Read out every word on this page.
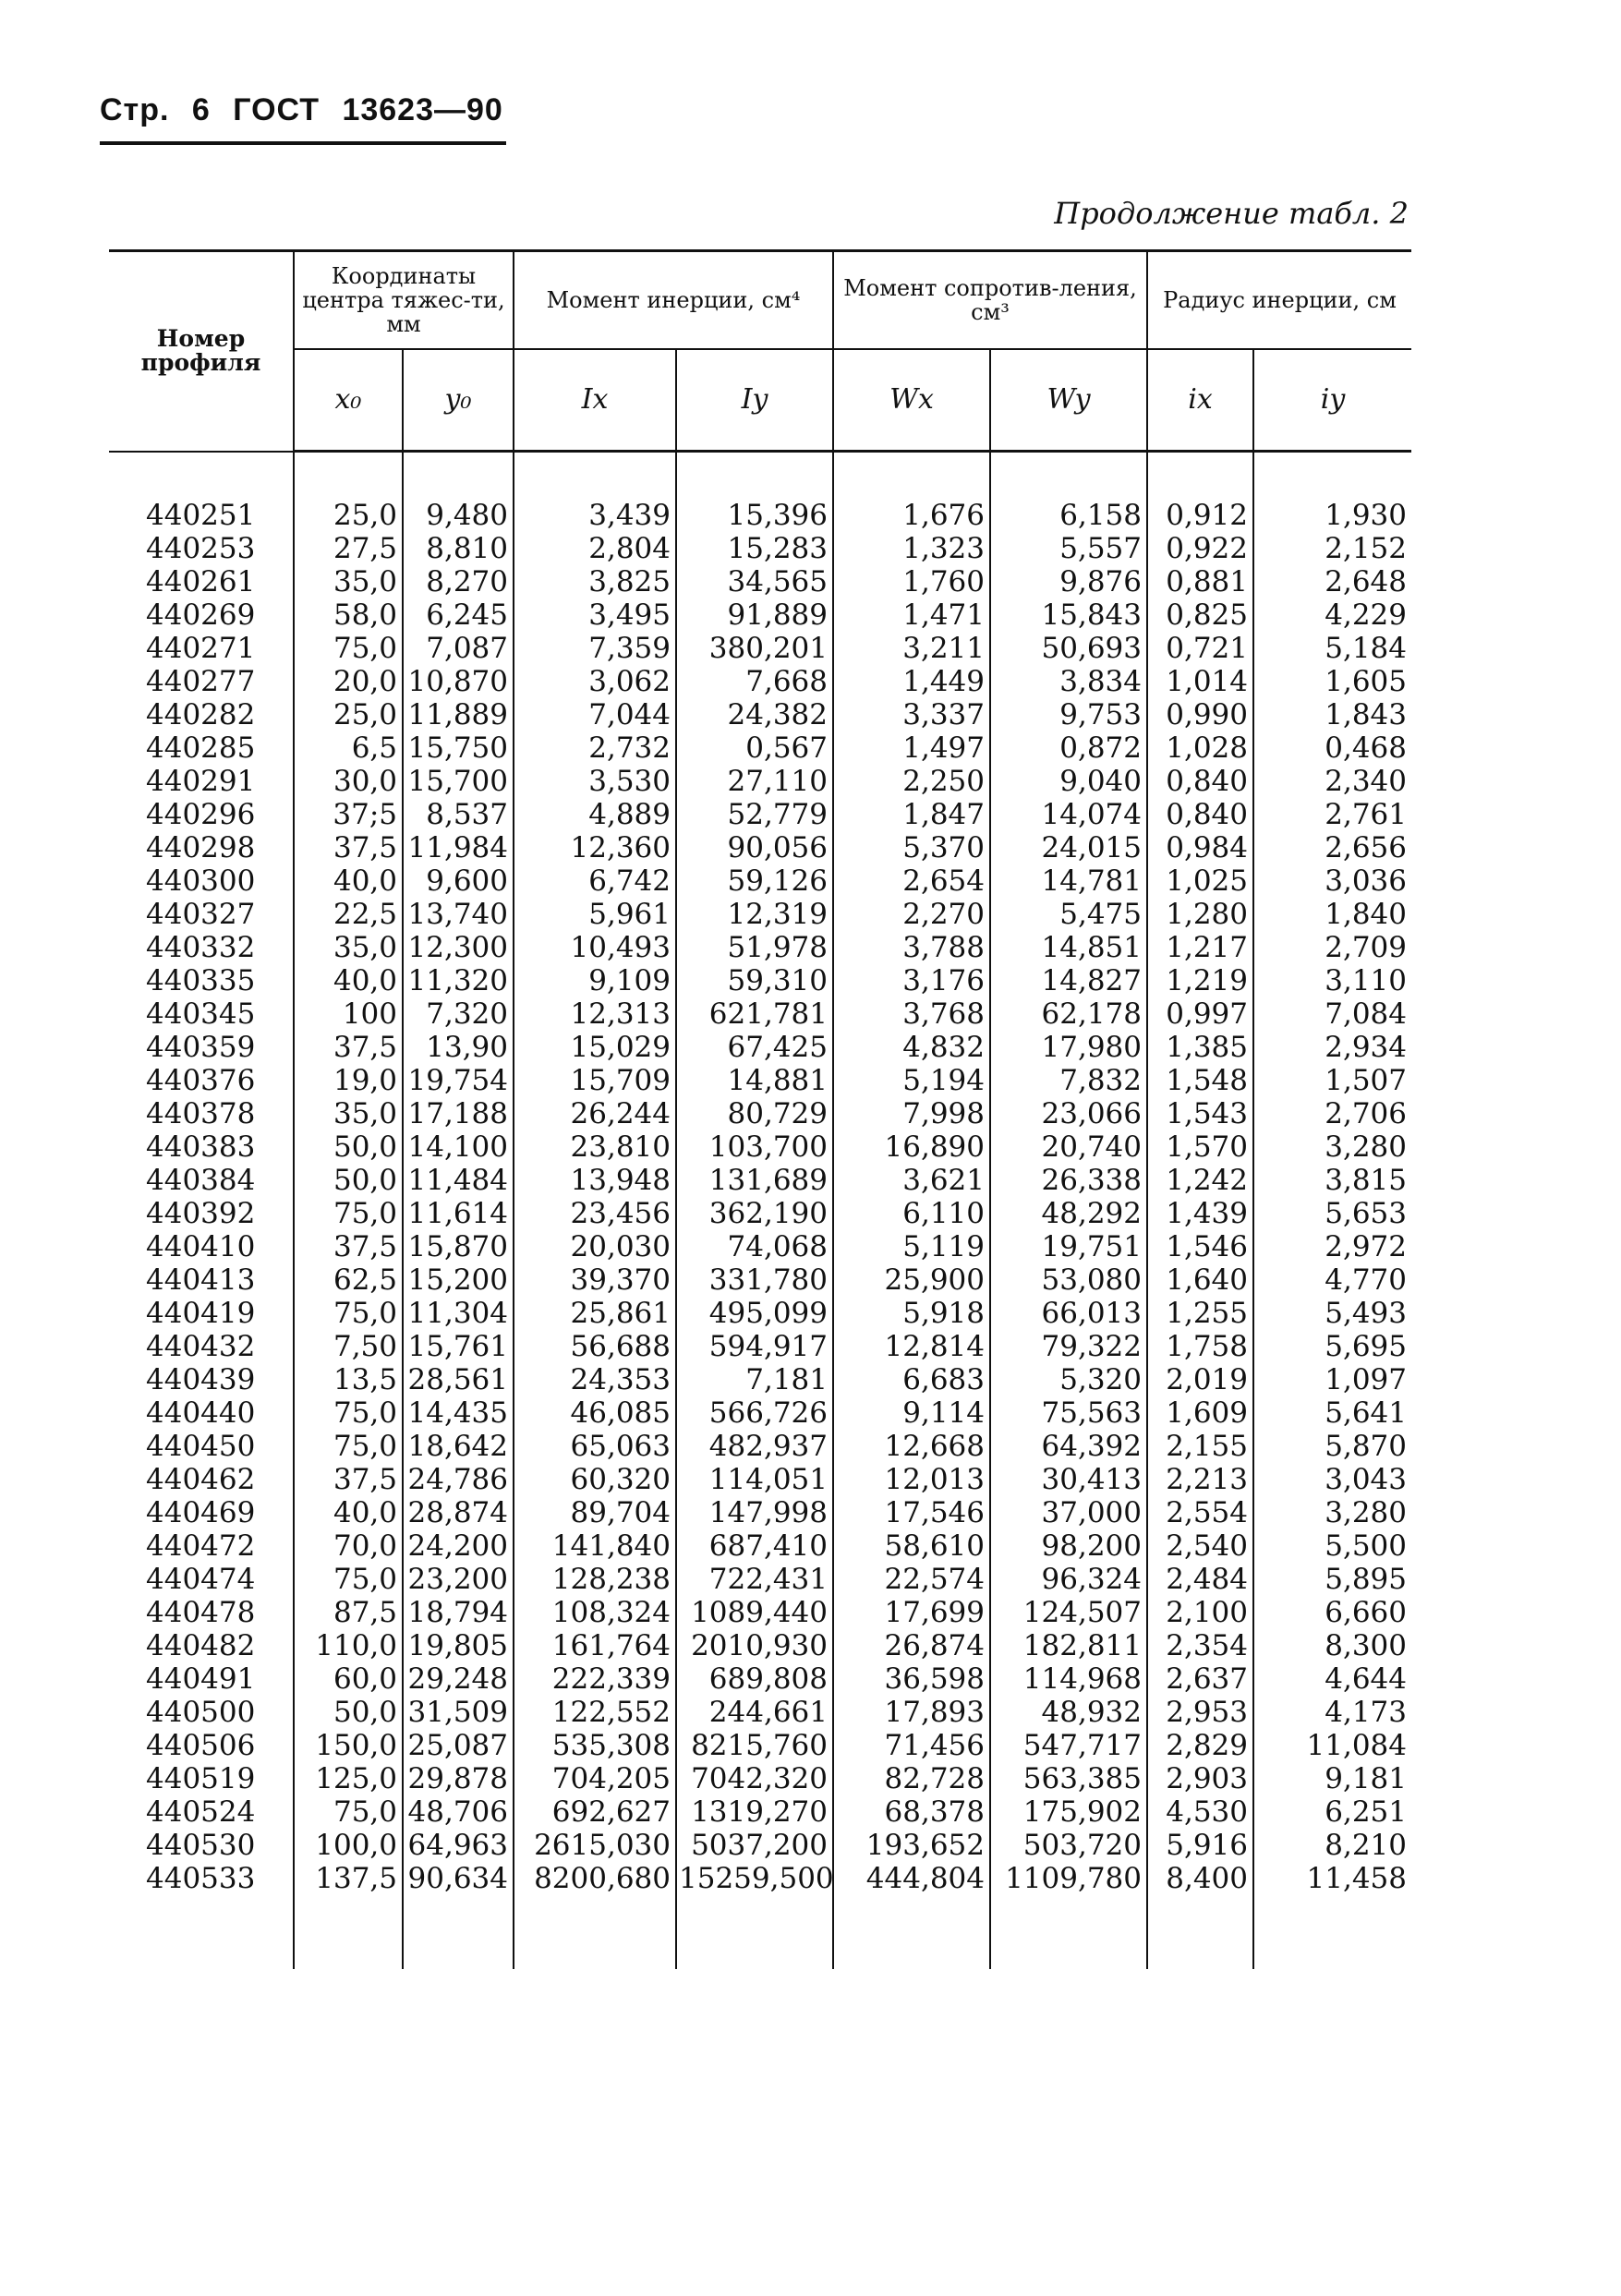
Стр. 6 ГОСТ 13623—90
Продолжение табл. 2
Номер профиля	Координаты центра тяжес-ти, мм		Момент инерции, см⁴		Момент сопротив-ления, см³		Радиус инерции, см	
	x₀	y₀	Ix	Iy	Wx	Wy	ix	iy

440251	25,0	9,480	3,439	15,396	1,676	6,158	0,912	1,930
440253	27,5	8,810	2,804	15,283	1,323	5,557	0,922	2,152
440261	35,0	8,270	3,825	34,565	1,760	9,876	0,881	2,648
440269	58,0	6,245	3,495	91,889	1,471	15,843	0,825	4,229
440271	75,0	7,087	7,359	380,201	3,211	50,693	0,721	5,184
440277	20,0	10,870	3,062	7,668	1,449	3,834	1,014	1,605
440282	25,0	11,889	7,044	24,382	3,337	9,753	0,990	1,843
440285	6,5	15,750	2,732	0,567	1,497	0,872	1,028	0,468
440291	30,0	15,700	3,530	27,110	2,250	9,040	0,840	2,340
440296	37;5	8,537	4,889	52,779	1,847	14,074	0,840	2,761
440298	37,5	11,984	12,360	90,056	5,370	24,015	0,984	2,656
440300	40,0	9,600	6,742	59,126	2,654	14,781	1,025	3,036
440327	22,5	13,740	5,961	12,319	2,270	5,475	1,280	1,840
440332	35,0	12,300	10,493	51,978	3,788	14,851	1,217	2,709
440335	40,0	11,320	9,109	59,310	3,176	14,827	1,219	3,110
440345	100	7,320	12,313	621,781	3,768	62,178	0,997	7,084
440359	37,5	13,90	15,029	67,425	4,832	17,980	1,385	2,934
440376	19,0	19,754	15,709	14,881	5,194	7,832	1,548	1,507
440378	35,0	17,188	26,244	80,729	7,998	23,066	1,543	2,706
440383	50,0	14,100	23,810	103,700	16,890	20,740	1,570	3,280
440384	50,0	11,484	13,948	131,689	3,621	26,338	1,242	3,815
440392	75,0	11,614	23,456	362,190	6,110	48,292	1,439	5,653
440410	37,5	15,870	20,030	74,068	5,119	19,751	1,546	2,972
440413	62,5	15,200	39,370	331,780	25,900	53,080	1,640	4,770
440419	75,0	11,304	25,861	495,099	5,918	66,013	1,255	5,493
440432	7,50	15,761	56,688	594,917	12,814	79,322	1,758	5,695
440439	13,5	28,561	24,353	7,181	6,683	5,320	2,019	1,097
440440	75,0	14,435	46,085	566,726	9,114	75,563	1,609	5,641
440450	75,0	18,642	65,063	482,937	12,668	64,392	2,155	5,870
440462	37,5	24,786	60,320	114,051	12,013	30,413	2,213	3,043
440469	40,0	28,874	89,704	147,998	17,546	37,000	2,554	3,280
440472	70,0	24,200	141,840	687,410	58,610	98,200	2,540	5,500
440474	75,0	23,200	128,238	722,431	22,574	96,324	2,484	5,895
440478	87,5	18,794	108,324	1089,440	17,699	124,507	2,100	6,660
440482	110,0	19,805	161,764	2010,930	26,874	182,811	2,354	8,300
440491	60,0	29,248	222,339	689,808	36,598	114,968	2,637	4,644
440500	50,0	31,509	122,552	244,661	17,893	48,932	2,953	4,173
440506	150,0	25,087	535,308	8215,760	71,456	547,717	2,829	11,084
440519	125,0	29,878	704,205	7042,320	82,728	563,385	2,903	9,181
440524	75,0	48,706	692,627	1319,270	68,378	175,902	4,530	6,251
440530	100,0	64,963	2615,030	5037,200	193,652	503,720	5,916	8,210
440533	137,5	90,634	8200,680	15259,500	444,804	1109,780	8,400	11,458
